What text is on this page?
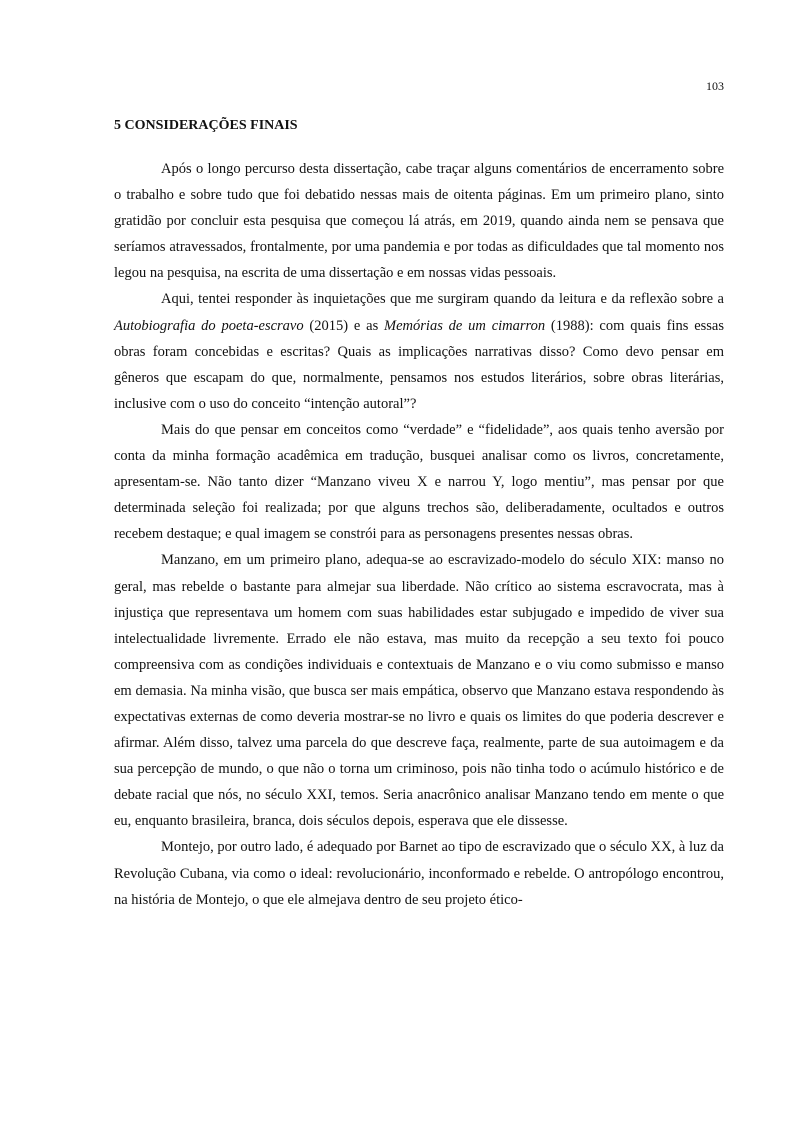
103
5 CONSIDERAÇÕES FINAIS

Após o longo percurso desta dissertação, cabe traçar alguns comentários de encerramento sobre o trabalho e sobre tudo que foi debatido nessas mais de oitenta páginas. Em um primeiro plano, sinto gratidão por concluir esta pesquisa que começou lá atrás, em 2019, quando ainda nem se pensava que seríamos atravessados, frontalmente, por uma pandemia e por todas as dificuldades que tal momento nos legou na pesquisa, na escrita de uma dissertação e em nossas vidas pessoais.

Aqui, tentei responder às inquietações que me surgiram quando da leitura e da reflexão sobre a Autobiografia do poeta-escravo (2015) e as Memórias de um cimarron (1988): com quais fins essas obras foram concebidas e escritas? Quais as implicações narrativas disso? Como devo pensar em gêneros que escapam do que, normalmente, pensamos nos estudos literários, sobre obras literárias, inclusive com o uso do conceito “intenção autoral”?

Mais do que pensar em conceitos como “verdade” e “fidelidade”, aos quais tenho aversão por conta da minha formação acadêmica em tradução, busquei analisar como os livros, concretamente, apresentam-se. Não tanto dizer “Manzano viveu X e narrou Y, logo mentiu”, mas pensar por que determinada seleção foi realizada; por que alguns trechos são, deliberadamente, ocultados e outros recebem destaque; e qual imagem se constrói para as personagens presentes nessas obras.

Manzano, em um primeiro plano, adequa-se ao escravizado-modelo do século XIX: manso no geral, mas rebelde o bastante para almejar sua liberdade. Não crítico ao sistema escravocrata, mas à injustiça que representava um homem com suas habilidades estar subjugado e impedido de viver sua intelectualidade livremente. Errado ele não estava, mas muito da recepção a seu texto foi pouco compreensiva com as condições individuais e contextuais de Manzano e o viu como submisso e manso em demasia. Na minha visão, que busca ser mais empática, observo que Manzano estava respondendo às expectativas externas de como deveria mostrar-se no livro e quais os limites do que poderia descrever e afirmar. Além disso, talvez uma parcela do que descreve faça, realmente, parte de sua autoimagem e da sua percepção de mundo, o que não o torna um criminoso, pois não tinha todo o acúmulo histórico e de debate racial que nós, no século XXI, temos. Seria anacrônico analisar Manzano tendo em mente o que eu, enquanto brasileira, branca, dois séculos depois, esperava que ele dissesse.

Montejo, por outro lado, é adequado por Barnet ao tipo de escravizado que o século XX, à luz da Revolução Cubana, via como o ideal: revolucionário, inconformado e rebelde. O antropólogo encontrou, na história de Montejo, o que ele almejava dentro de seu projeto ético-
